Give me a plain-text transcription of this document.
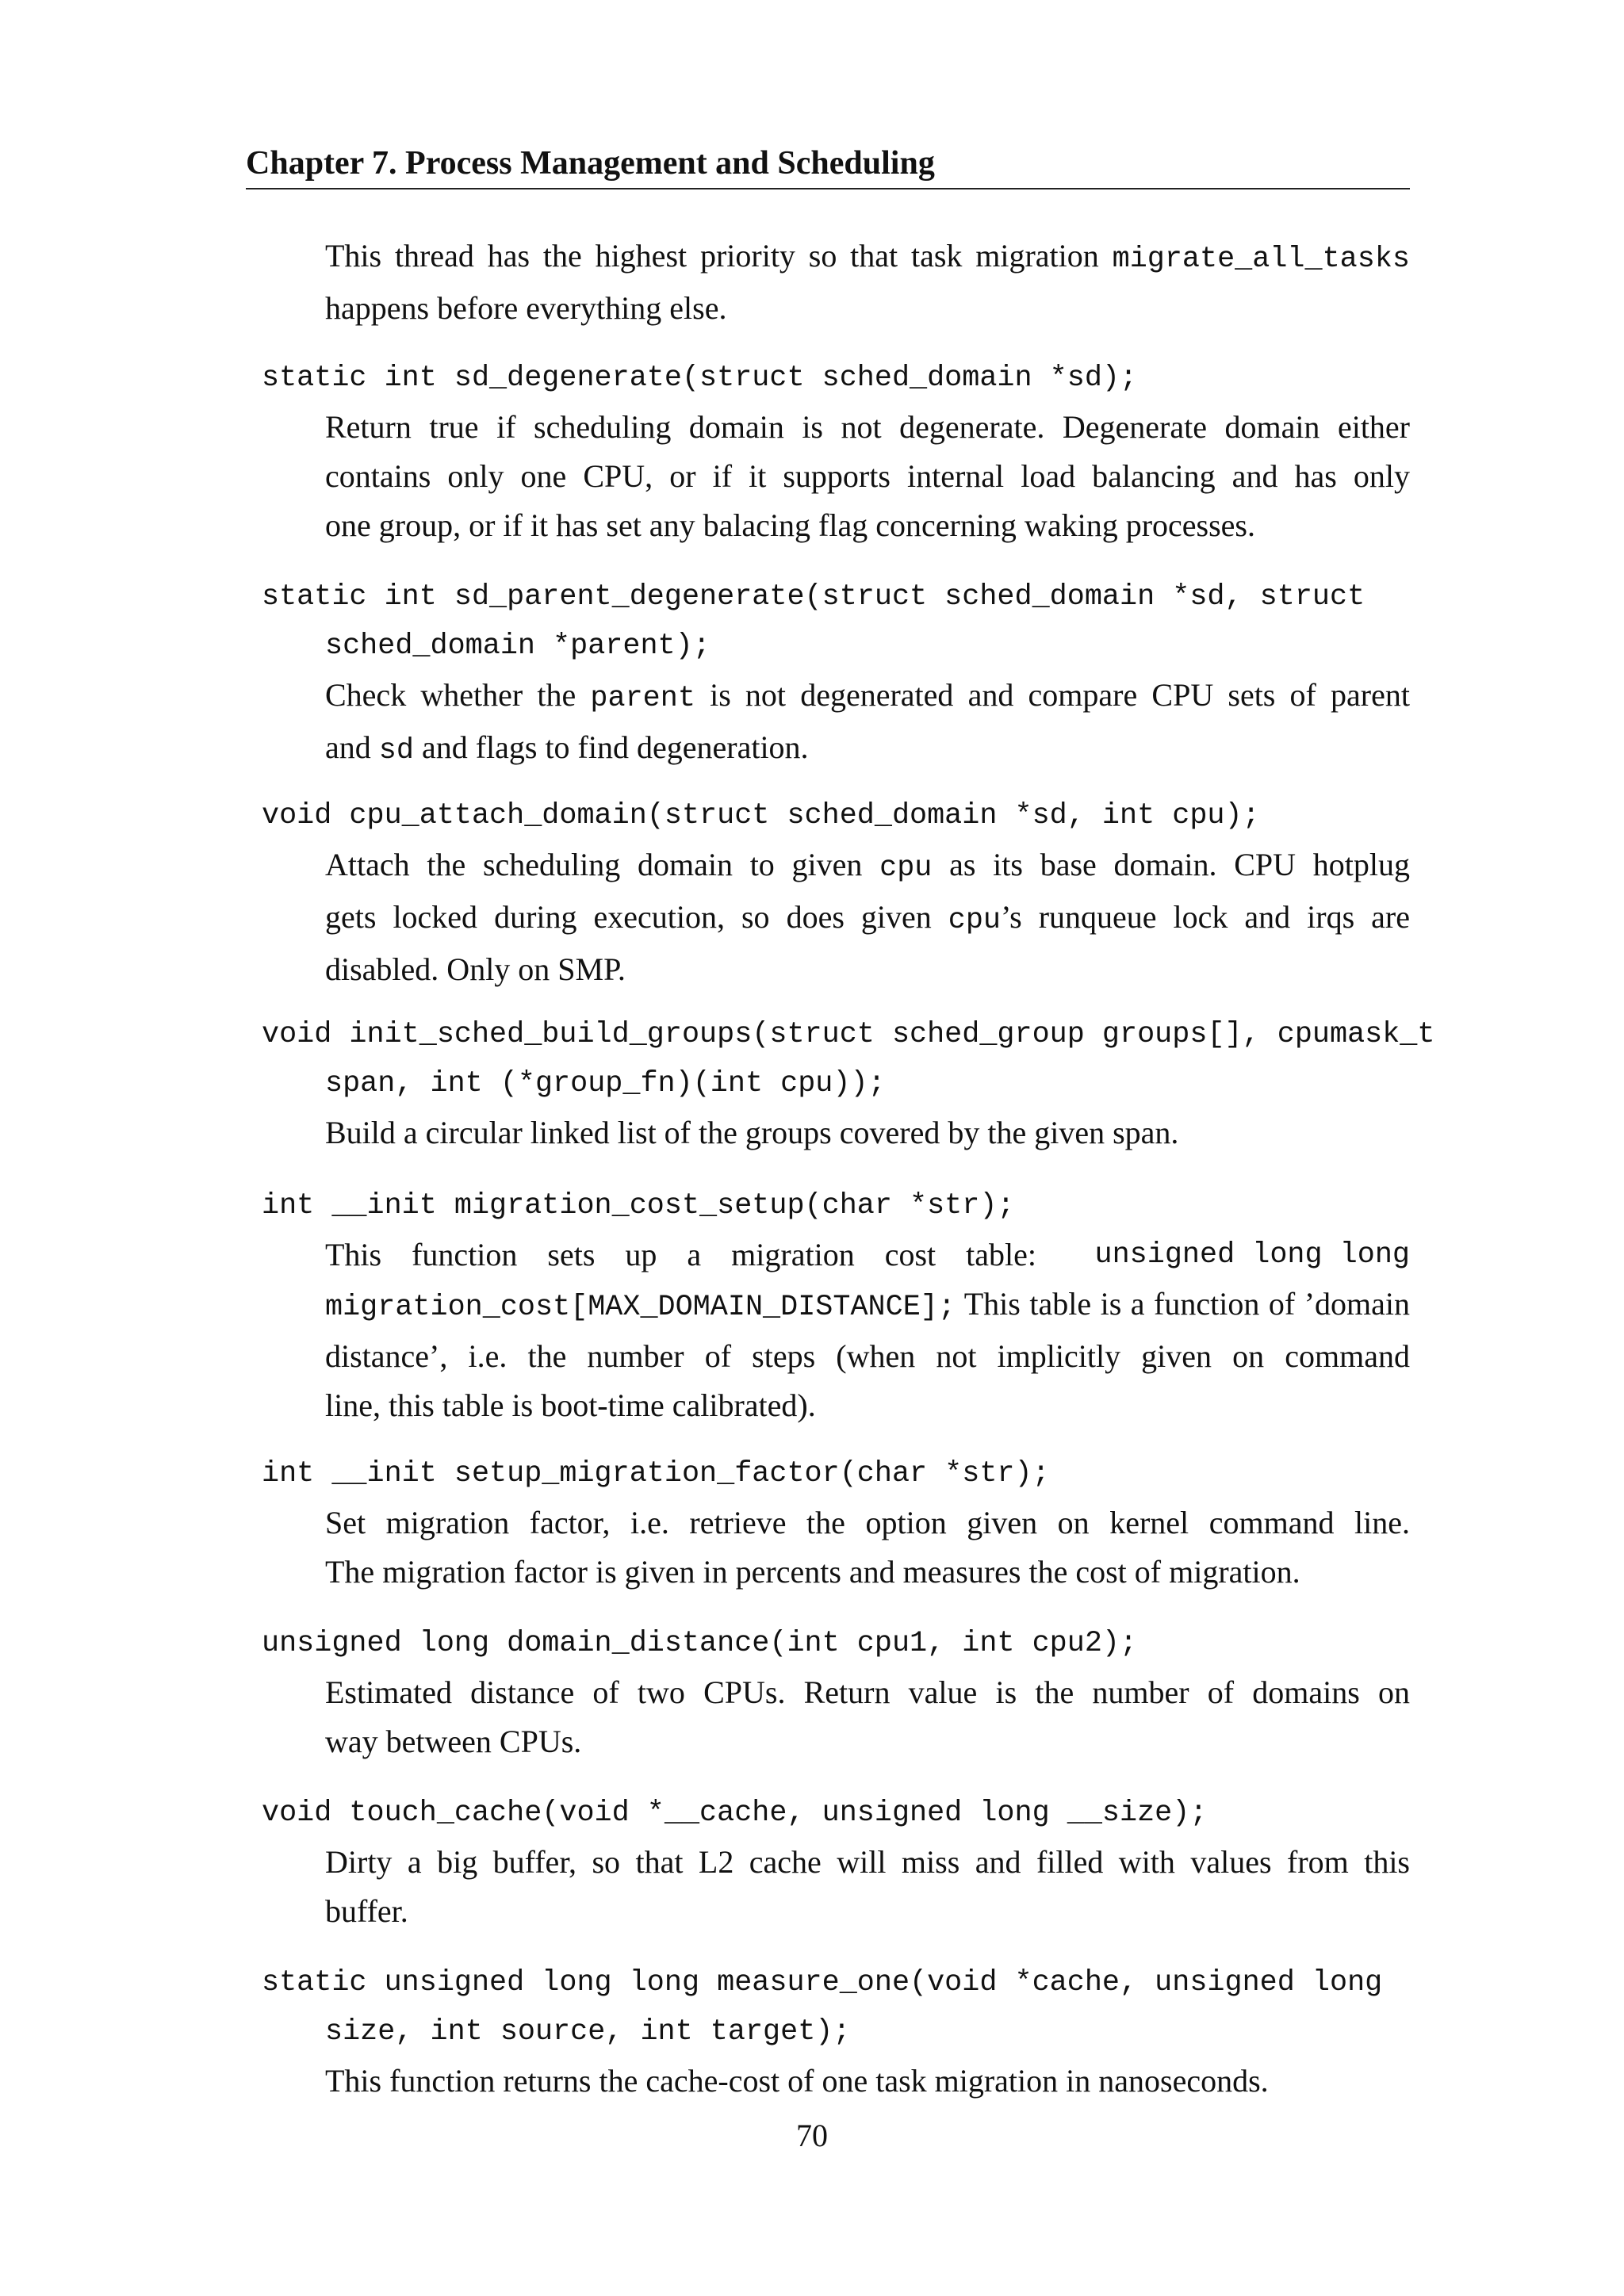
Chapter 7. Process Management and Scheduling
This thread has the highest priority so that task migration migrate_all_tasks
happens before everything else.
static int sd_degenerate(struct sched_domain *sd);
Return true if scheduling domain is not degenerate. Degenerate domain either
contains only one CPU, or if it supports internal load balancing and has only
one group, or if it has set any balacing flag concerning waking processes.
static int sd_parent_degenerate(struct sched_domain *sd, struct
sched_domain *parent);
Check whether the parent is not degenerated and compare CPU sets of parent
and sd and flags to find degeneration.
void cpu_attach_domain(struct sched_domain *sd, int cpu);
Attach the scheduling domain to given cpu as its base domain. CPU hotplug
gets locked during execution, so does given cpu’s runqueue lock and irqs are
disabled. Only on SMP.
void init_sched_build_groups(struct sched_group groups[], cpumask_t
span, int (*group_fn)(int cpu));
Build a circular linked list of the groups covered by the given span.
int __init migration_cost_setup(char *str);
This function sets up a migration cost table: unsigned long long
migration_cost[MAX_DOMAIN_DISTANCE]; This table is a function of ’domain
distance’, i.e. the number of steps (when not implicitly given on command
line, this table is boot-time calibrated).
int __init setup_migration_factor(char *str);
Set migration factor, i.e. retrieve the option given on kernel command line.
The migration factor is given in percents and measures the cost of migration.
unsigned long domain_distance(int cpu1, int cpu2);
Estimated distance of two CPUs. Return value is the number of domains on
way between CPUs.
void touch_cache(void *__cache, unsigned long __size);
Dirty a big buffer, so that L2 cache will miss and filled with values from this
buffer.
static unsigned long long measure_one(void *cache, unsigned long
size, int source, int target);
This function returns the cache-cost of one task migration in nanoseconds.
70
